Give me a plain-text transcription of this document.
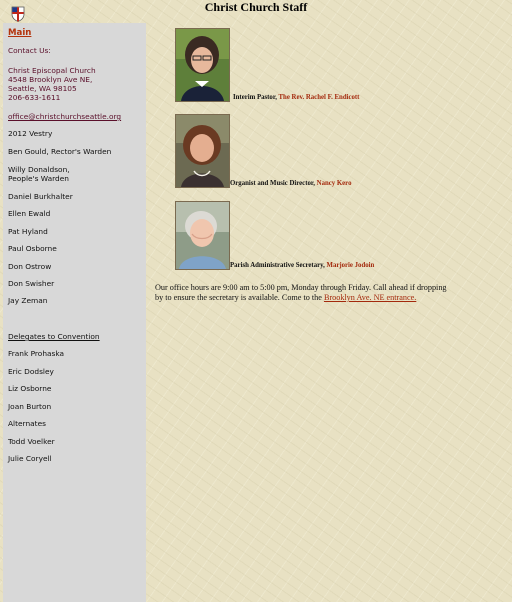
Christ Church Staff
Main
Contact Us:
Christ Episcopal Church
4548 Brooklyn Ave NE,
Seattle, WA 98105
206-633-1611
office@christchurchseattle.org
2012 Vestry
Ben Gould, Rector's Warden
Willy Donaldson,
People's Warden
Daniel Burkhalter
Ellen Ewald
Pat Hyland
Paul Osborne
Don Ostrow
Don Swisher
Jay Zeman
Delegates to Convention
Frank Prohaska
Eric Dodsley
Liz Osborne
Joan Burton
Alternates
Todd Voelker
Julie Coryell
Interim Pastor, The Rev. Rachel F. Endicott
Organist and Music Director, Nancy Kero
Parish Administrative Secretary, Marjorie Jodoin
Our office hours are 9:00 am to 5:00 pm, Monday through Friday. Call ahead if dropping by to ensure the secretary is available. Come to the Brooklyn Ave. NE entrance.
